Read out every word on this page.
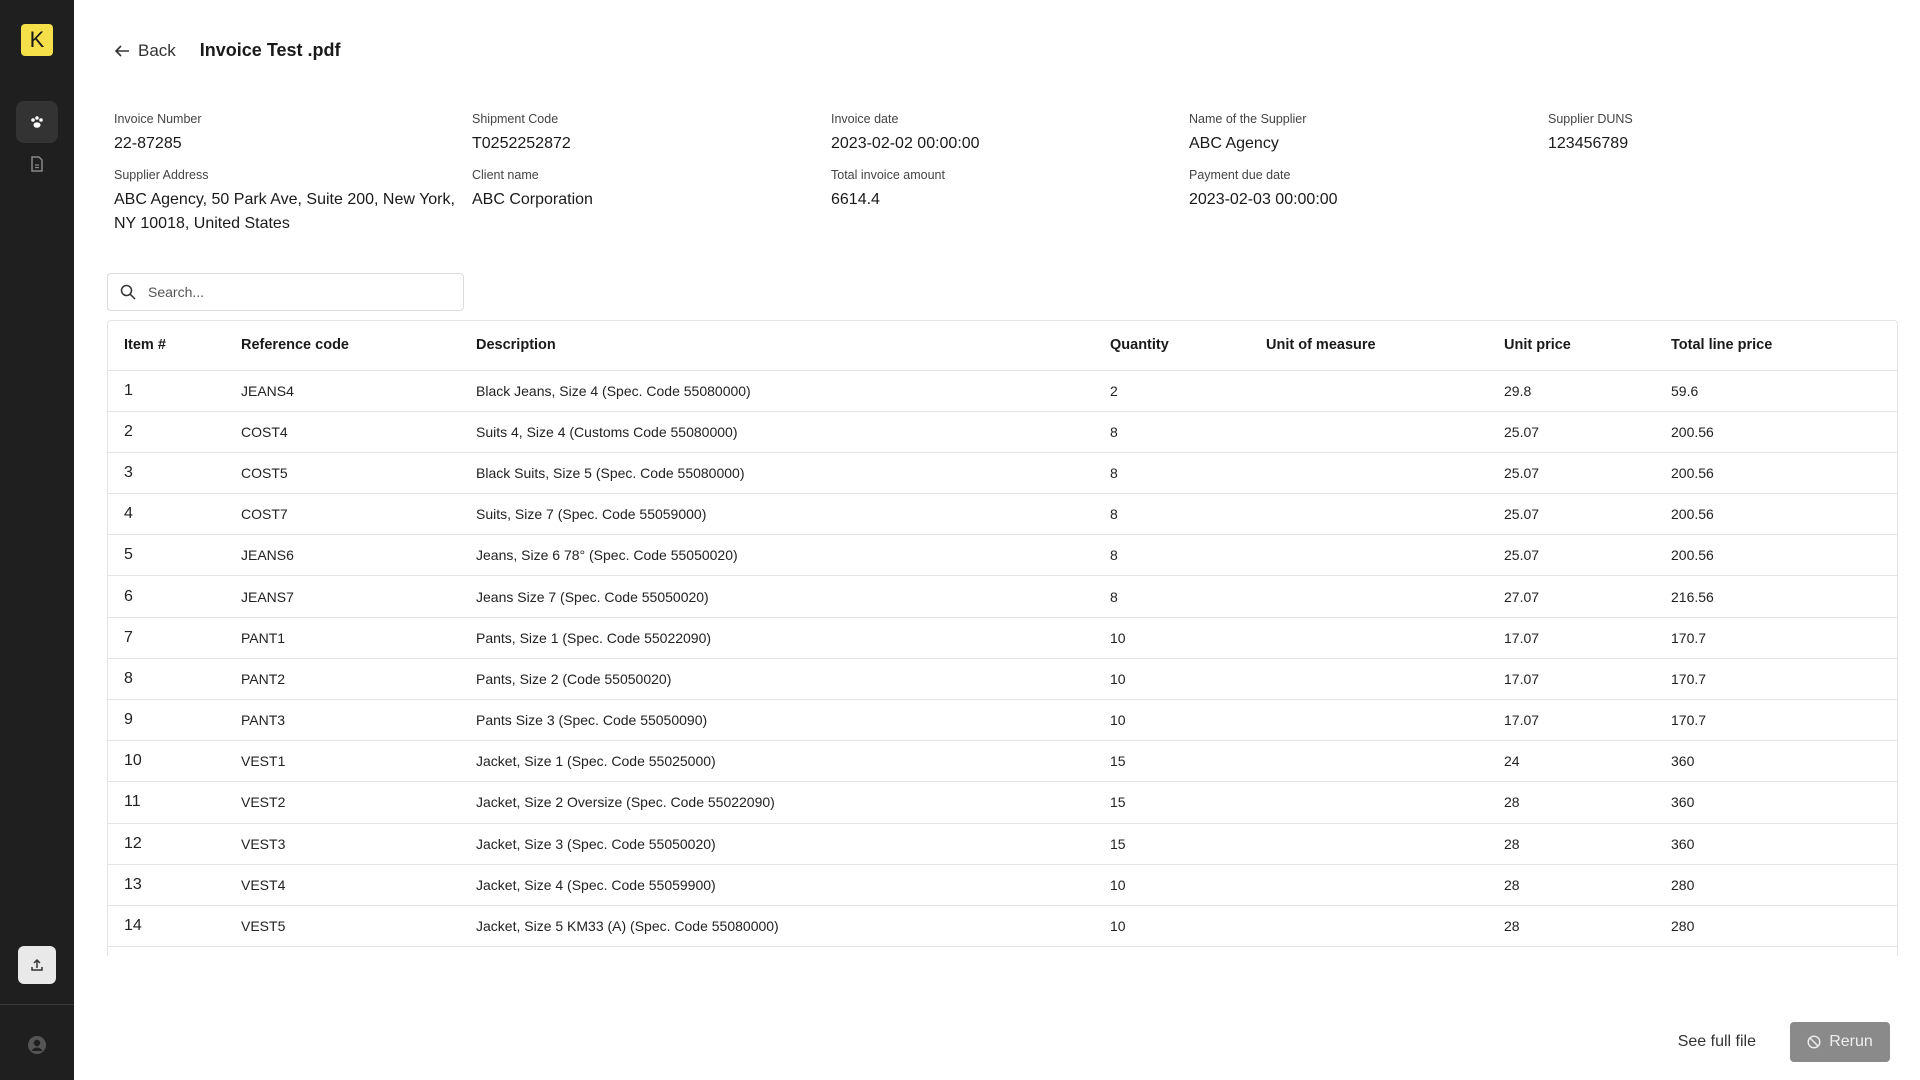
K	Back Invoice Test .pdf
Invoice Number
22-87285
Shipment Code
T0252252872
Invoice date
2023-02-02 00:00:00
Name of the Supplier
ABC Agency
Supplier DUNS
123456789
Supplier Address
ABC Agency, 50 Park Ave, Suite 200, New York, NY 10018, United States
Client name
ABC Corporation
Total invoice amount
6614.4
Payment due date
2023-02-03 00:00:00
Search...
Item #	Reference code	Description	Quantity	Unit of measure	Unit price	Total line price
1	JEANS4	Black Jeans, Size 4 (Spec. Code 55080000)	2		29.8	59.6
2	COST4	Suits 4, Size 4 (Customs Code 55080000)	8		25.07	200.56
3	COST5	Black Suits, Size 5 (Spec. Code 55080000)	8		25.07	200.56
4	COST7	Suits, Size 7 (Spec. Code 55059000)	8		25.07	200.56
5	JEANS6	Jeans, Size 6 78° (Spec. Code 55050020)	8		25.07	200.56
6	JEANS7	Jeans Size 7 (Spec. Code 55050020)	8		27.07	216.56
7	PANT1	Pants, Size 1 (Spec. Code 55022090)	10		17.07	170.7
8	PANT2	Pants, Size 2 (Code 55050020)	10		17.07	170.7
9	PANT3	Pants Size 3 (Spec. Code 55050090)	10		17.07	170.7
10	VEST1	Jacket, Size 1 (Spec. Code 55025000)	15		24	360
11	VEST2	Jacket, Size 2 Oversize (Spec. Code 55022090)	15		28	360
12	VEST3	Jacket, Size 3 (Spec. Code 55050020)	15		28	360
13	VEST4	Jacket, Size 4 (Spec. Code 55059900)	10		28	280
14	VEST5	Jacket, Size 5 KM33 (A) (Spec. Code 55080000)	10		28	280
See full file	Rerun
